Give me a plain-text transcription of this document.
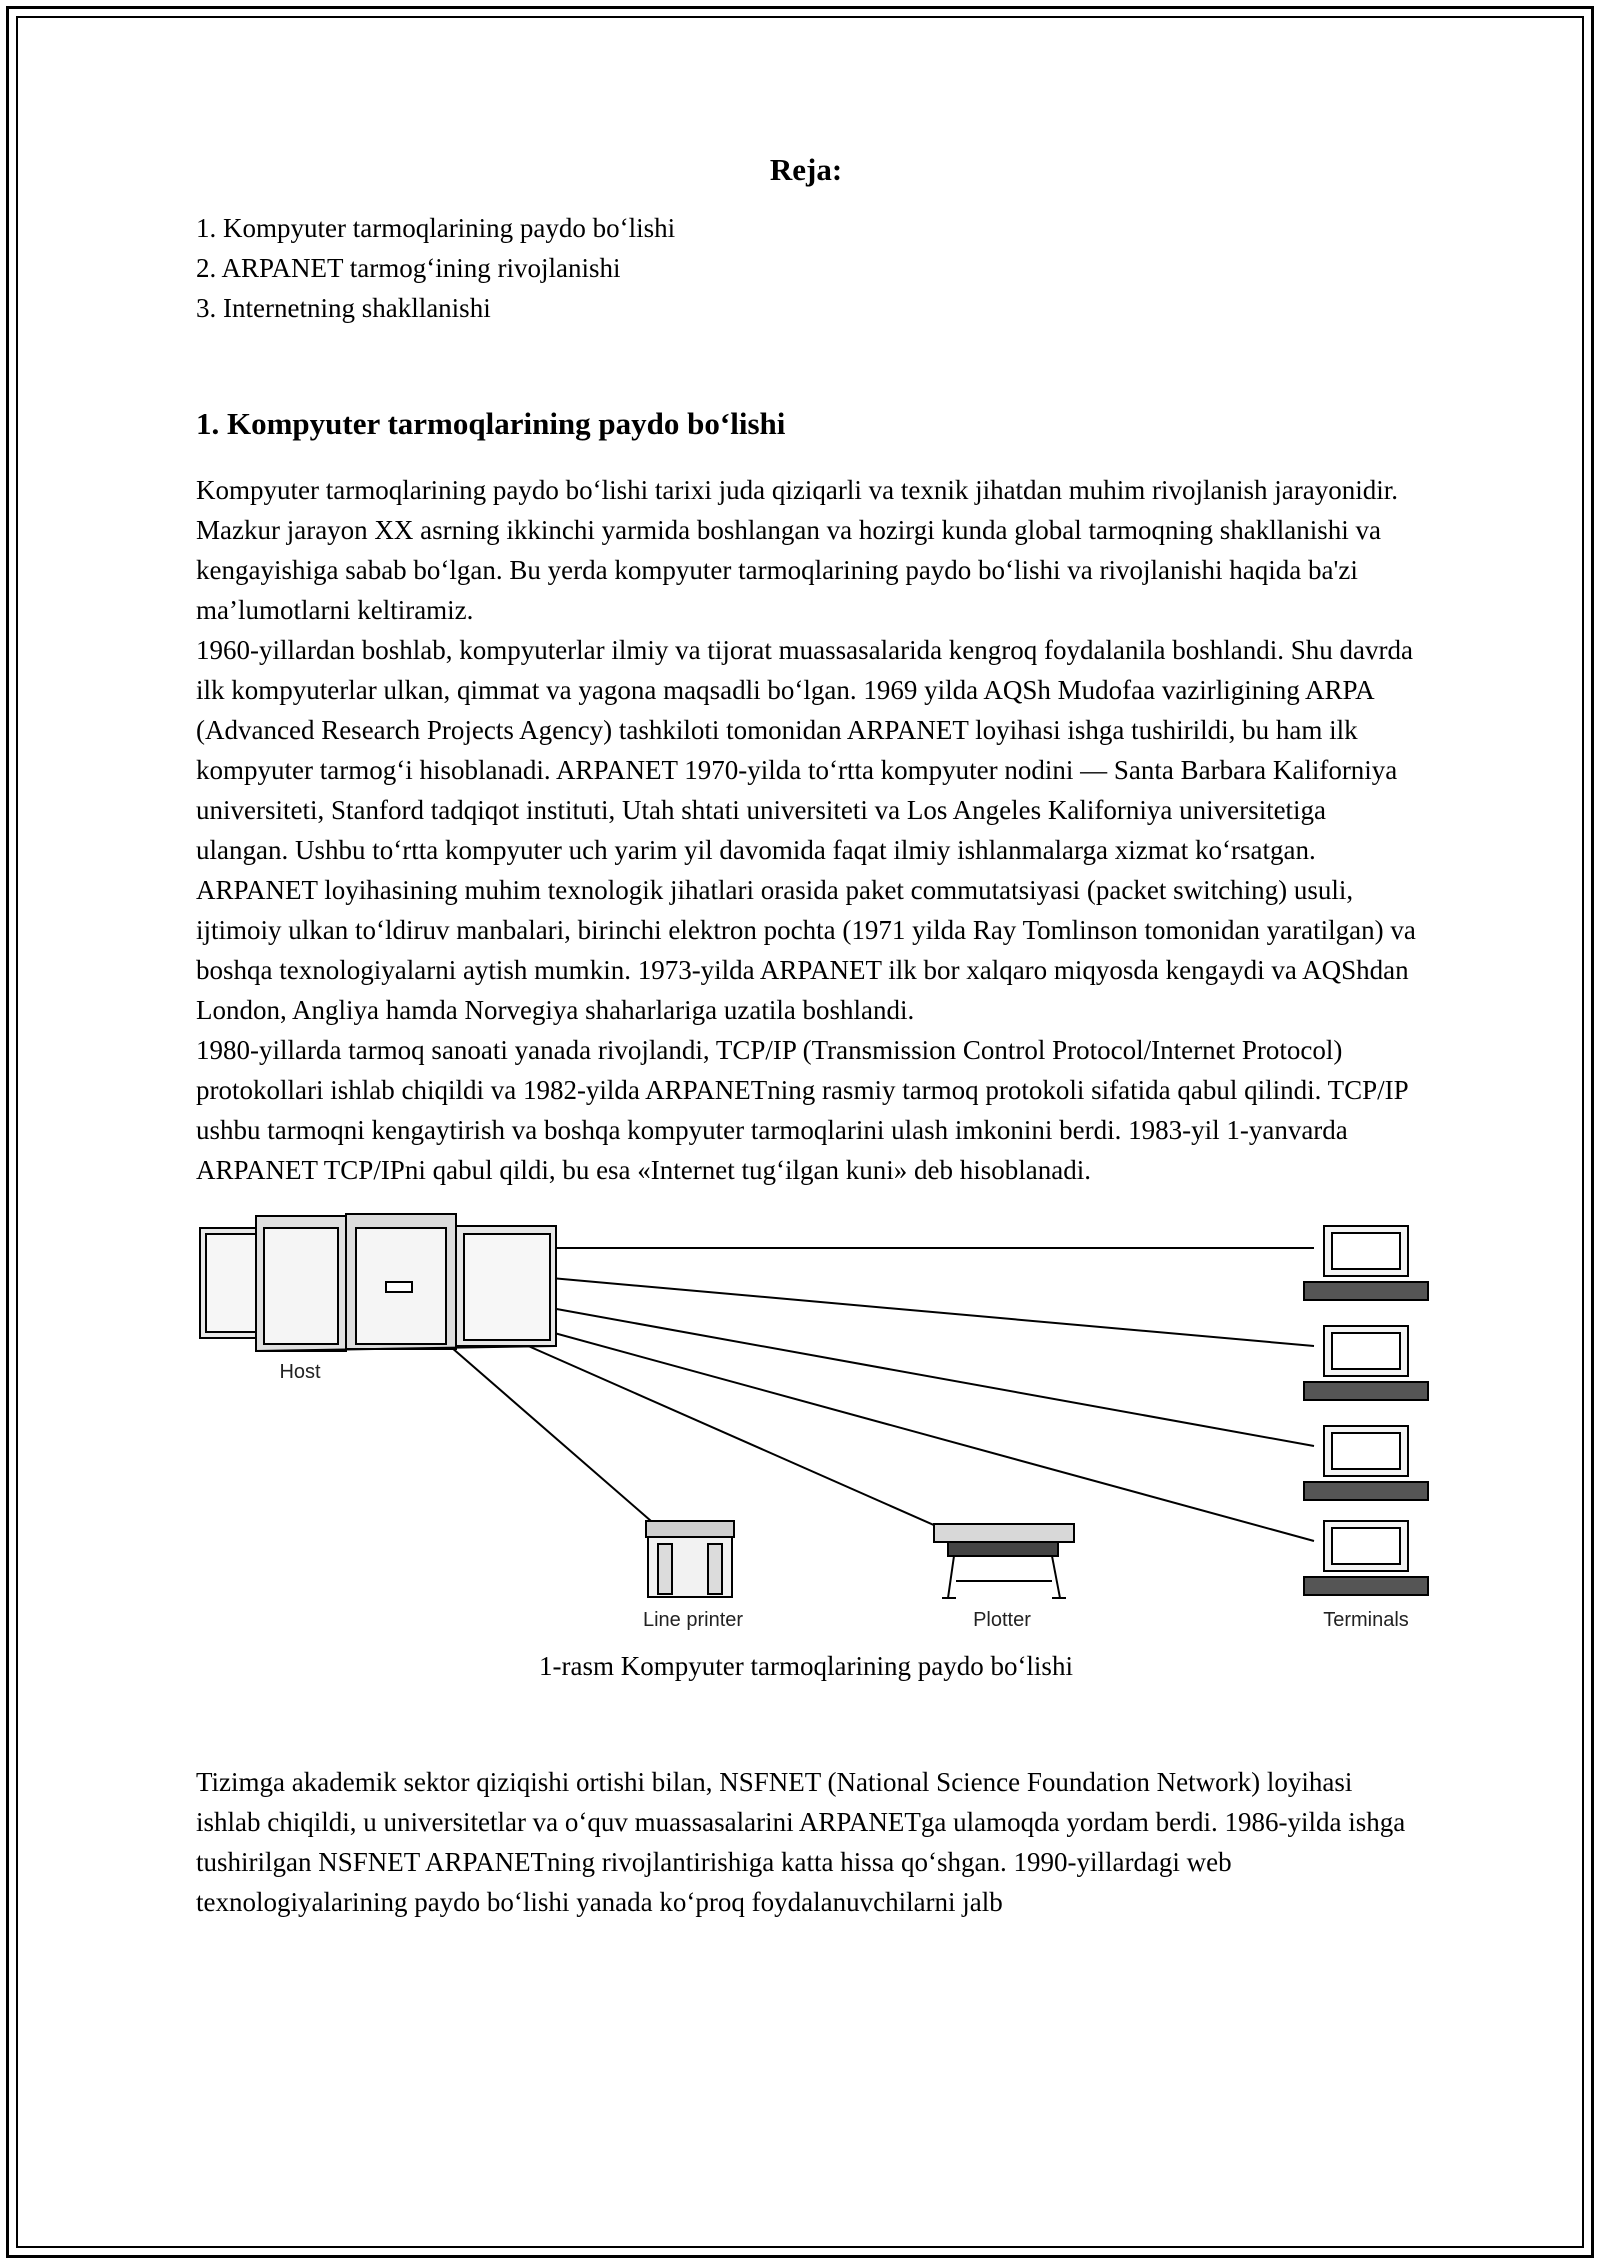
Reja:
1. Kompyuter tarmoqlarining paydo bo‘lishi
2. ARPANET tarmog‘ining rivojlanishi
3. Internetning shakllanishi
1. Kompyuter tarmoqlarining paydo bo‘lishi

Kompyuter tarmoqlarining paydo bo‘lishi tarixi juda qiziqarli va texnik jihatdan muhim rivojlanish jarayonidir. Mazkur jarayon XX asrning ikkinchi yarmida boshlangan va hozirgi kunda global tarmoqning shakllanishi va kengayishiga sabab bo‘lgan. Bu yerda kompyuter tarmoqlarining paydo bo‘lishi va rivojlanishi haqida ba'zi ma’lumotlarni keltiramiz.

1960-yillardan boshlab, kompyuterlar ilmiy va tijorat muassasalarida kengroq foydalanila boshlandi. Shu davrda ilk kompyuterlar ulkan, qimmat va yagona maqsadli bo‘lgan. 1969 yilda AQSh Mudofaa vazirligining ARPA (Advanced Research Projects Agency) tashkiloti tomonidan ARPANET loyihasi ishga tushirildi, bu ham ilk kompyuter tarmog‘i hisoblanadi. ARPANET 1970-yilda to‘rtta kompyuter nodini — Santa Barbara Kaliforniya universiteti, Stanford tadqiqot instituti, Utah shtati universiteti va Los Angeles Kaliforniya universitetiga ulangan. Ushbu to‘rtta kompyuter uch yarim yil davomida faqat ilmiy ishlanmalarga xizmat ko‘rsatgan.

ARPANET loyihasining muhim texnologik jihatlari orasida paket commutatsiyasi (packet switching) usuli, ijtimoiy ulkan to‘ldiruv manbalari, birinchi elektron pochta (1971 yilda Ray Tomlinson tomonidan yaratilgan) va boshqa texnologiyalarni aytish mumkin. 1973-yilda ARPANET ilk bor xalqaro miqyosda kengaydi va AQShdan London, Angliya hamda Norvegiya shaharlariga uzatila boshlandi.

1980-yillarda tarmoq sanoati yanada rivojlandi, TCP/IP (Transmission Control Protocol/Internet Protocol) protokollari ishlab chiqildi va 1982-yilda ARPANETning rasmiy tarmoq protokoli sifatida qabul qilindi. TCP/IP ushbu tarmoqni kengaytirish va boshqa kompyuter tarmoqlarini ulash imkonini berdi. 1983-yil 1-yanvarda ARPANET TCP/IPni qabul qildi, bu esa «Internet tug‘ilgan kuni» deb hisoblanadi.

Host
Line printer	Plotter	Terminals

1-rasm Kompyuter tarmoqlarining paydo bo‘lishi

Tizimga akademik sektor qiziqishi ortishi bilan, NSFNET (National Science Foundation Network) loyihasi ishlab chiqildi, u universitetlar va o‘quv muassasalarini ARPANETga ulamoqda yordam berdi. 1986-yilda ishga tushirilgan NSFNET ARPANETning rivojlantirishiga katta hissa qo‘shgan. 1990-yillardagi web texnologiyalarining paydo bo‘lishi yanada ko‘proq foydalanuvchilarni jalb
